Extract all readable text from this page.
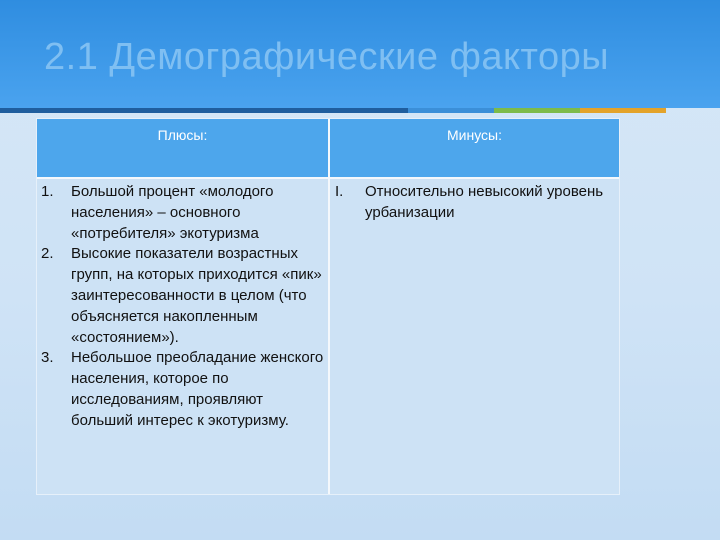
2.1 Демографические факторы
Плюсы:	Минусы:
1. Большой процент «молодого населения» – основного «потребителя» экотуризма
2. Высокие показатели возрастных групп, на которых приходится «пик» заинтересованности в целом (что объясняется накопленным «состоянием»).
3. Небольшое преобладание женского населения, которое по исследованиям, проявляют больший интерес к экотуризму.
I. Относительно невысокий уровень урбанизации
